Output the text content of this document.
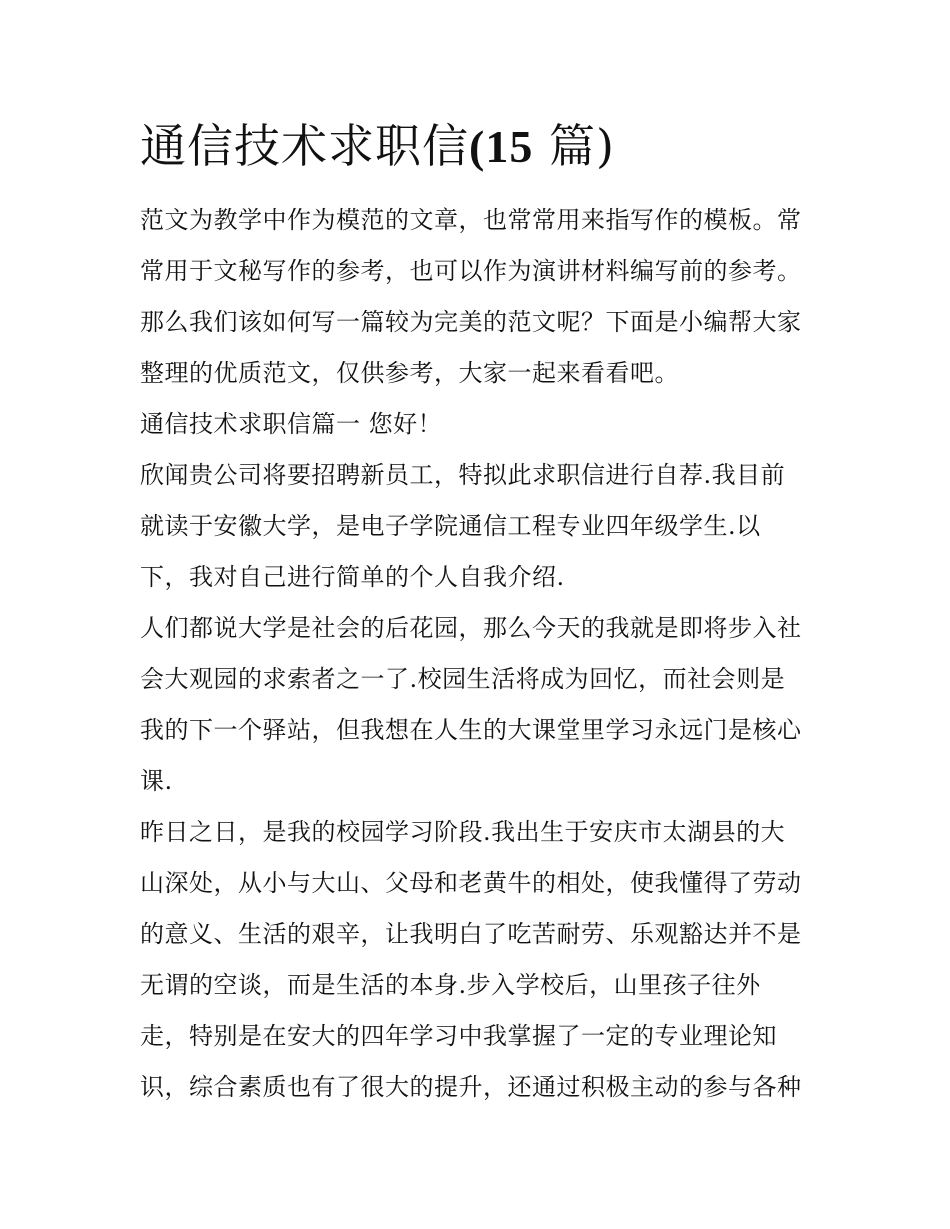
通信技术求职信(15 篇)

范文为教学中作为模范的文章，也常常用来指写作的模板。常

常用于文秘写作的参考，也可以作为演讲材料编写前的参考。

那么我们该如何写一篇较为完美的范文呢？下面是小编帮大家

整理的优质范文，仅供参考，大家一起来看看吧。

通信技术求职信篇一 您好！

欣闻贵公司将要招聘新员工，特拟此求职信进行自荐.我目前

就读于安徽大学，是电子学院通信工程专业四年级学生.以

下，我对自己进行简单的个人自我介绍.

人们都说大学是社会的后花园，那么今天的我就是即将步入社

会大观园的求索者之一了.校园生活将成为回忆，而社会则是

我的下一个驿站，但我想在人生的大课堂里学习永远门是核心

课.

昨日之日，是我的校园学习阶段.我出生于安庆市太湖县的大

山深处，从小与大山、父母和老黄牛的相处，使我懂得了劳动

的意义、生活的艰辛，让我明白了吃苦耐劳、乐观豁达并不是

无谓的空谈，而是生活的本身.步入学校后，山里孩子往外

走，特别是在安大的四年学习中我掌握了一定的专业理论知

识，综合素质也有了很大的提升，还通过积极主动的参与各种
